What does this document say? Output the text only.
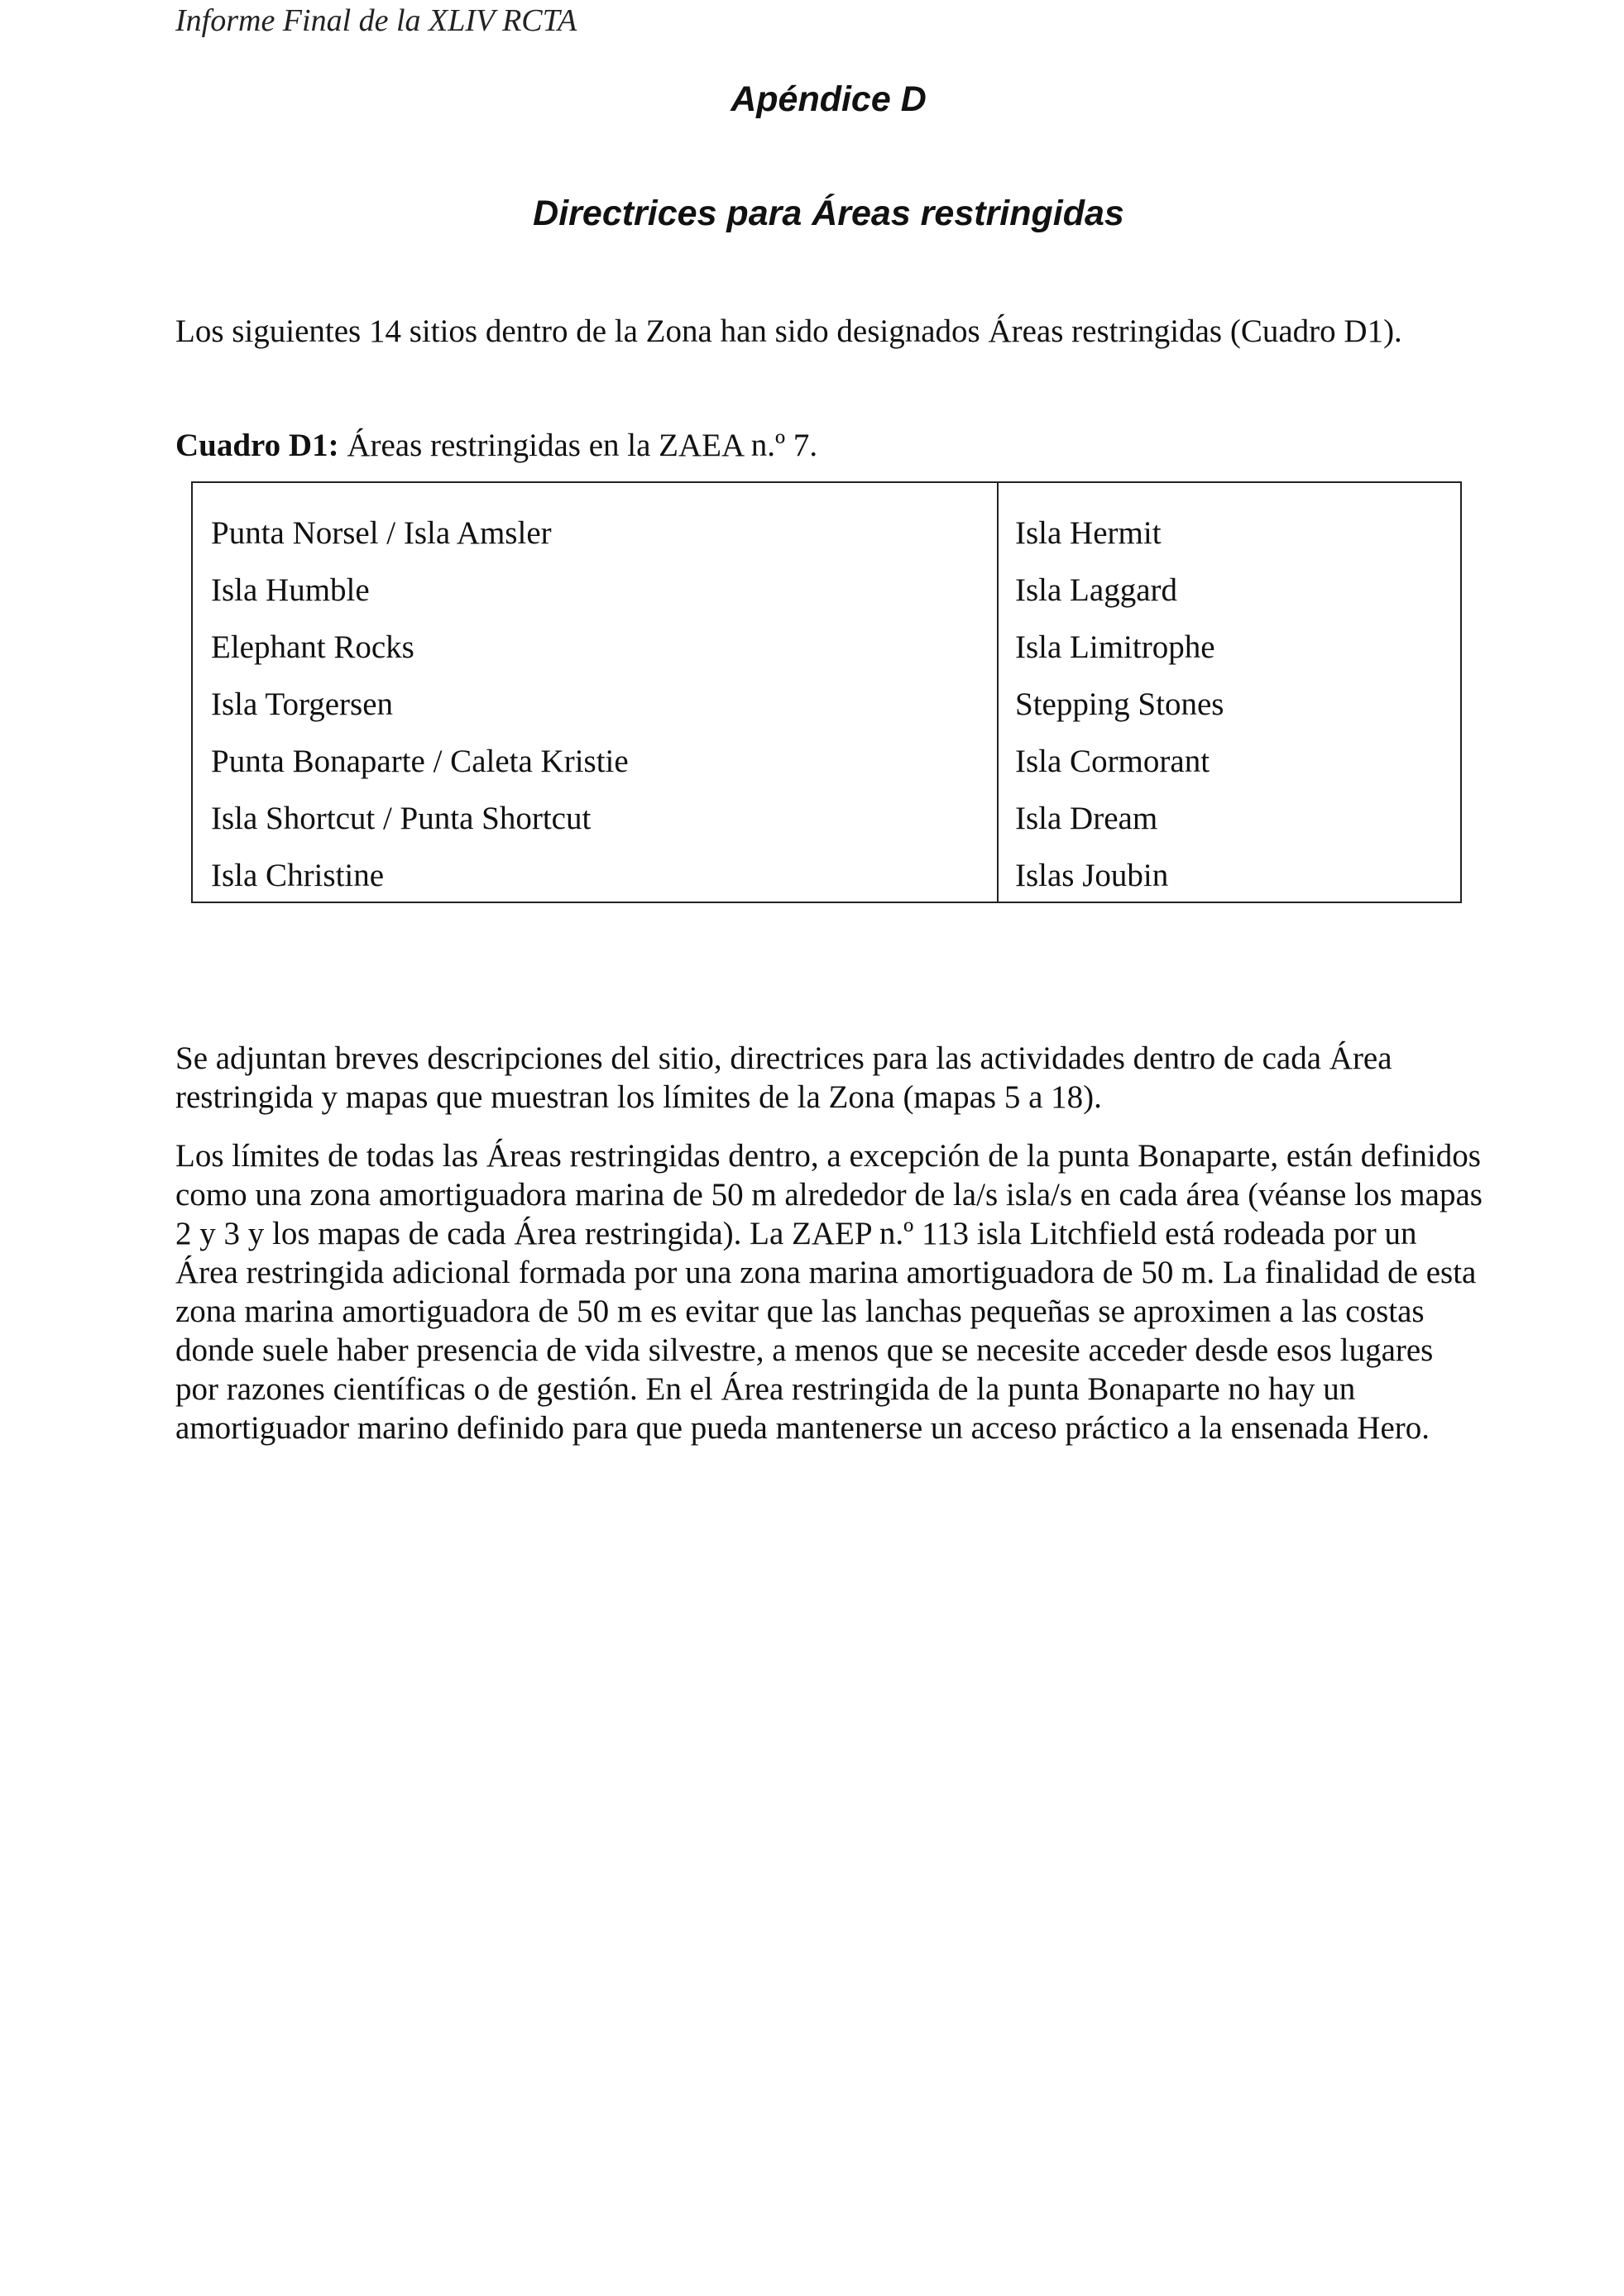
Informe Final de la XLIV RCTA
Apéndice D
Directrices para Áreas restringidas
Los siguientes 14 sitios dentro de la Zona han sido designados Áreas restringidas (Cuadro D1).
Cuadro D1: Áreas restringidas en la ZAEA n.º 7.
Punta Norsel / Isla Amsler
Isla Humble
Elephant Rocks
Isla Torgersen
Punta Bonaparte / Caleta Kristie
Isla Shortcut / Punta Shortcut
Isla Christine
Isla Hermit
Isla Laggard
Isla Limitrophe
Stepping Stones
Isla Cormorant
Isla Dream
Islas Joubin
Se adjuntan breves descripciones del sitio, directrices para las actividades dentro de cada Área restringida y mapas que muestran los límites de la Zona (mapas 5 a 18).
Los límites de todas las Áreas restringidas dentro, a excepción de la punta Bonaparte, están definidos como una zona amortiguadora marina de 50 m alrededor de la/s isla/s en cada área (véanse los mapas 2 y 3 y los mapas de cada Área restringida). La ZAEP n.º 113 isla Litchfield está rodeada por un Área restringida adicional formada por una zona marina amortiguadora de 50 m. La finalidad de esta zona marina amortiguadora de 50 m es evitar que las lanchas pequeñas se aproximen a las costas donde suele haber presencia de vida silvestre, a menos que se necesite acceder desde esos lugares por razones científicas o de gestión. En el Área restringida de la punta Bonaparte no hay un amortiguador marino definido para que pueda mantenerse un acceso práctico a la ensenada Hero.
